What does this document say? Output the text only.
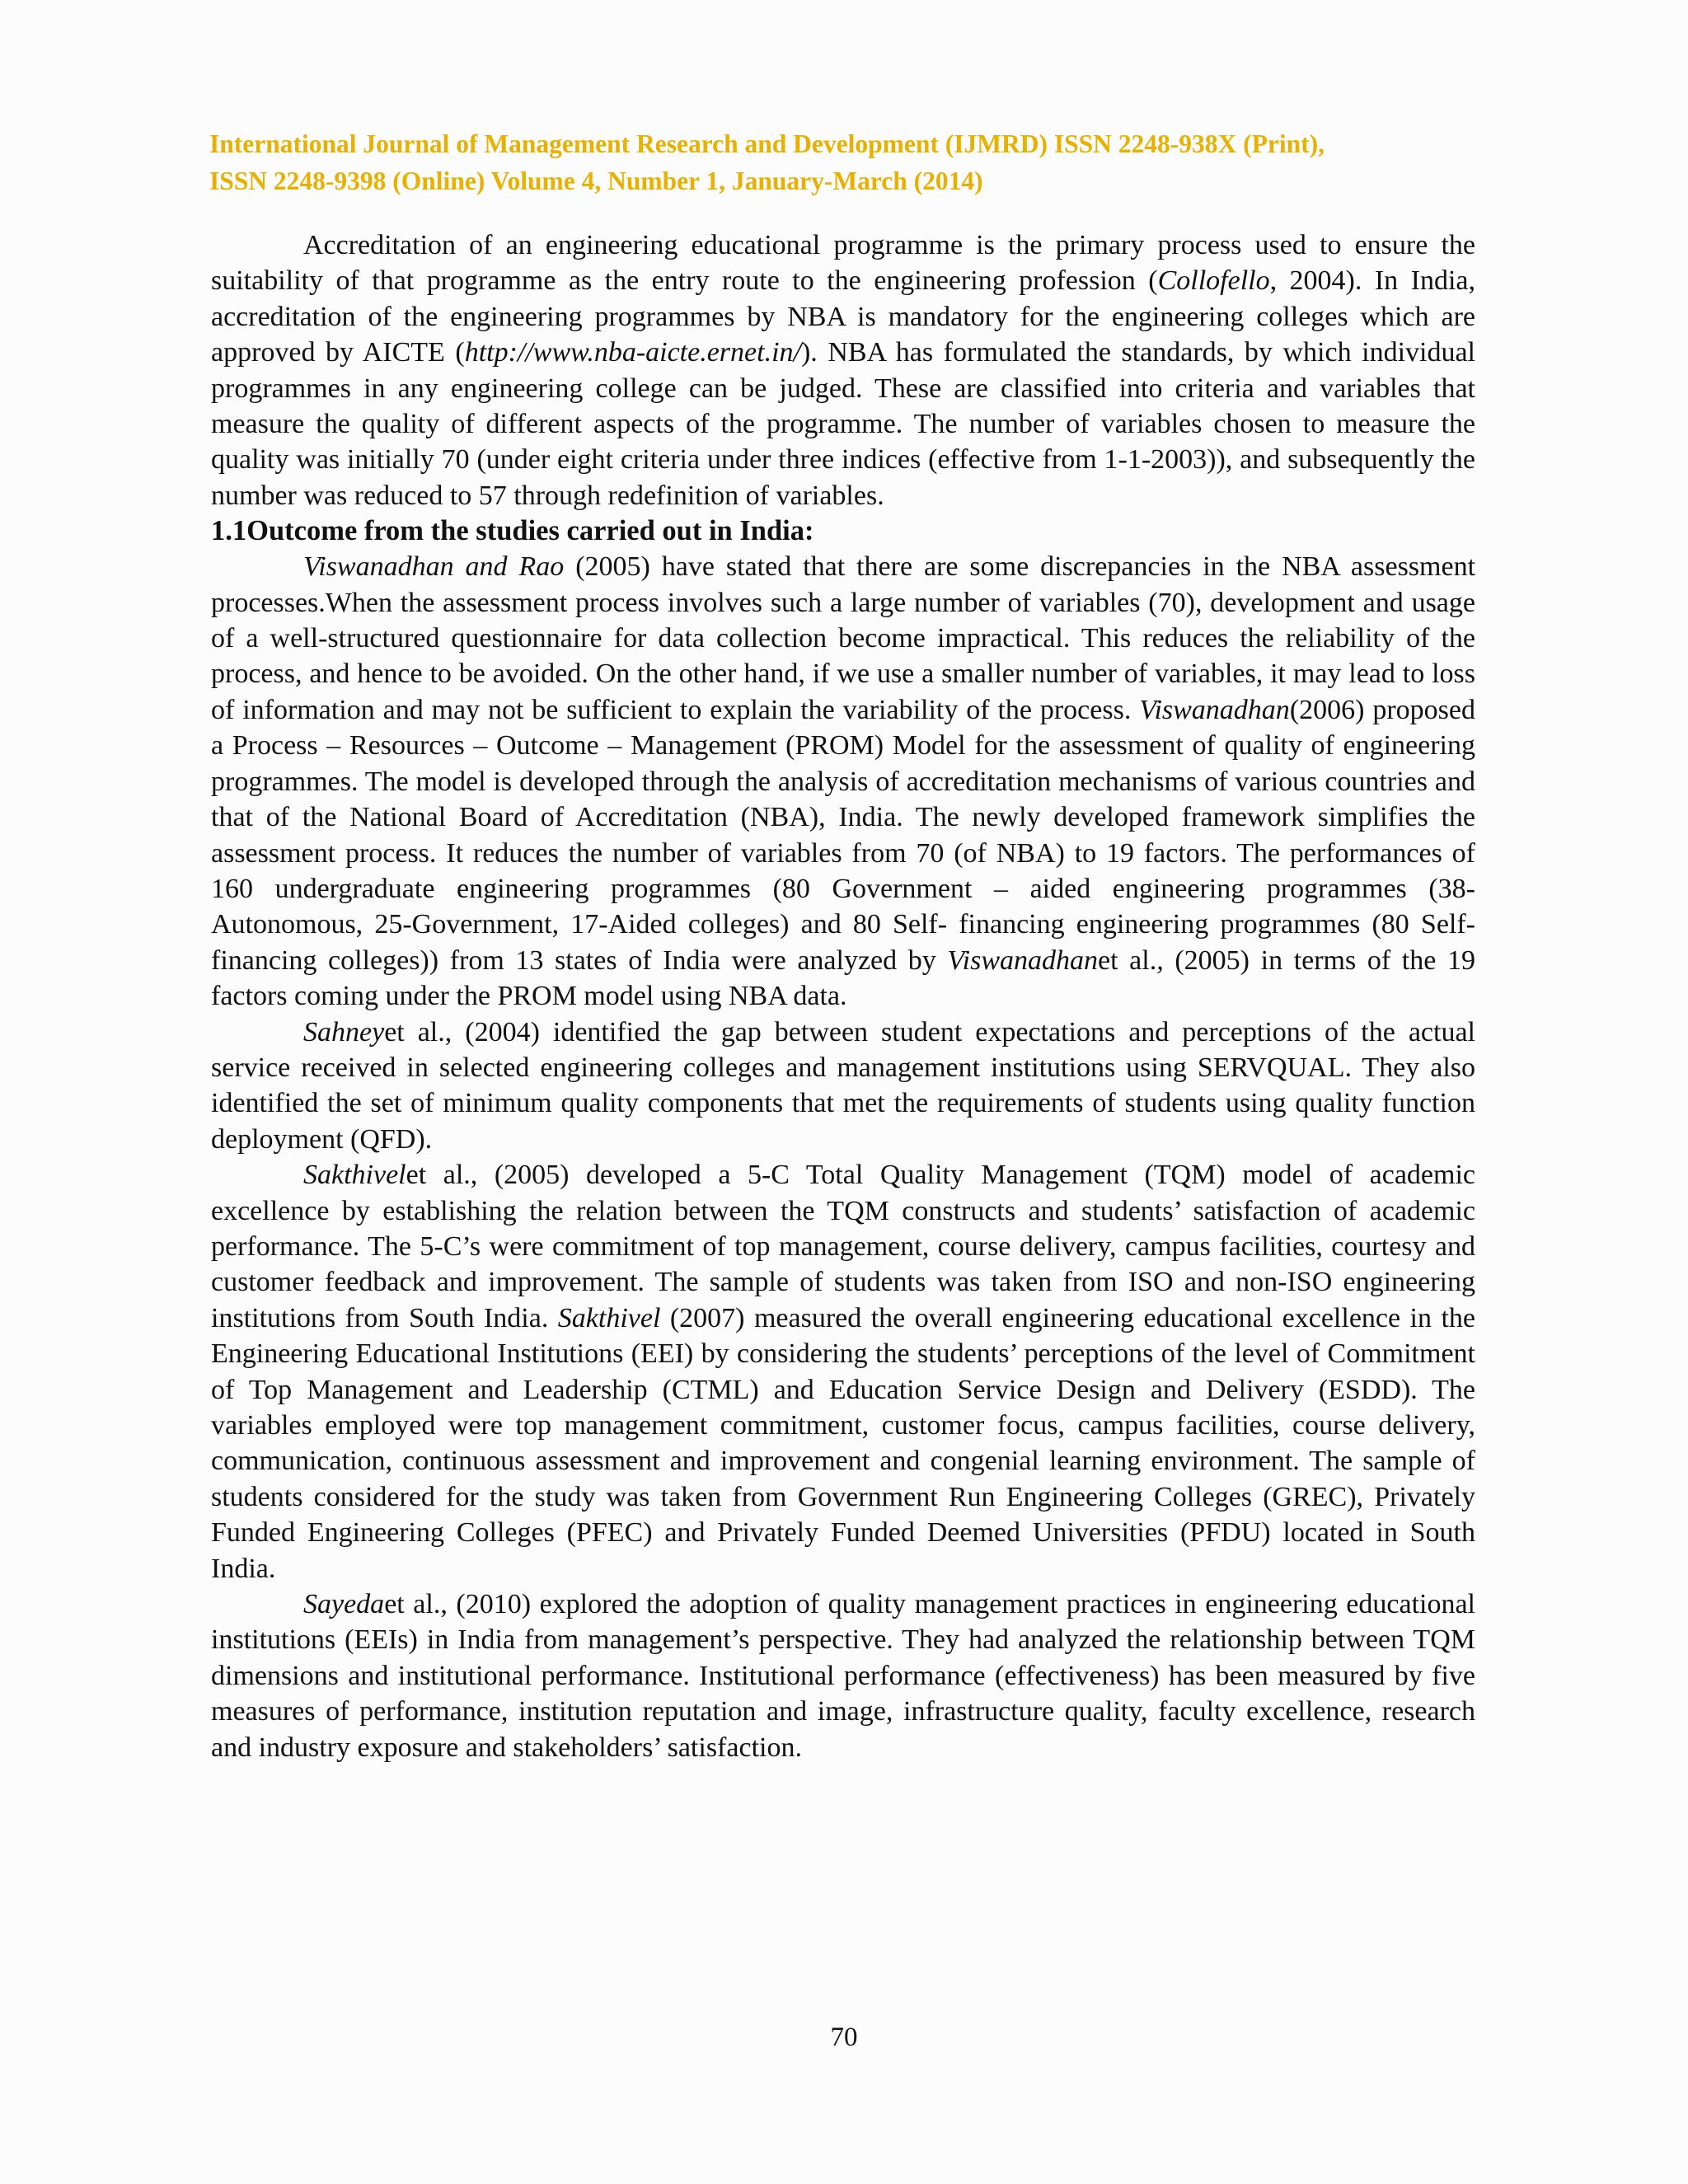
International Journal of Management Research and Development (IJMRD) ISSN 2248-938X (Print),
ISSN 2248-9398 (Online) Volume 4, Number 1, January-March (2014)

Accreditation of an engineering educational programme is the primary process used to ensure the suitability of that programme as the entry route to the engineering profession (Collofello, 2004). In India, accreditation of the engineering programmes by NBA is mandatory for the engineering colleges which are approved by AICTE (http://www.nba-aicte.ernet.in/). NBA has formulated the standards, by which individual programmes in any engineering college can be judged. These are classified into criteria and variables that measure the quality of different aspects of the programme. The number of variables chosen to measure the quality was initially 70 (under eight criteria under three indices (effective from 1-1-2003)), and subsequently the number was reduced to 57 through redefinition of variables.

1.1Outcome from the studies carried out in India:

Viswanadhan and Rao (2005) have stated that there are some discrepancies in the NBA assessment processes.When the assessment process involves such a large number of variables (70), development and usage of a well-structured questionnaire for data collection become impractical. This reduces the reliability of the process, and hence to be avoided. On the other hand, if we use a smaller number of variables, it may lead to loss of information and may not be sufficient to explain the variability of the process. Viswanadhan(2006) proposed a Process – Resources – Outcome – Management (PROM) Model for the assessment of quality of engineering programmes. The model is developed through the analysis of accreditation mechanisms of various countries and that of the National Board of Accreditation (NBA), India. The newly developed framework simplifies the assessment process. It reduces the number of variables from 70 (of NBA) to 19 factors. The performances of 160 undergraduate engineering programmes (80 Government – aided engineering programmes (38-Autonomous, 25-Government, 17-Aided colleges) and 80 Self- financing engineering programmes (80 Self-financing colleges)) from 13 states of India were analyzed by Viswanadhanet al., (2005) in terms of the 19 factors coming under the PROM model using NBA data.

Sahneyet al., (2004) identified the gap between student expectations and perceptions of the actual service received in selected engineering colleges and management institutions using SERVQUAL. They also identified the set of minimum quality components that met the requirements of students using quality function deployment (QFD).

Sakthivelet al., (2005) developed a 5-C Total Quality Management (TQM) model of academic excellence by establishing the relation between the TQM constructs and students’ satisfaction of academic performance. The 5-C’s were commitment of top management, course delivery, campus facilities, courtesy and customer feedback and improvement. The sample of students was taken from ISO and non-ISO engineering institutions from South India. Sakthivel (2007) measured the overall engineering educational excellence in the Engineering Educational Institutions (EEI) by considering the students’ perceptions of the level of Commitment of Top Management and Leadership (CTML) and Education Service Design and Delivery (ESDD). The variables employed were top management commitment, customer focus, campus facilities, course delivery, communication, continuous assessment and improvement and congenial learning environment. The sample of students considered for the study was taken from Government Run Engineering Colleges (GREC), Privately Funded Engineering Colleges (PFEC) and Privately Funded Deemed Universities (PFDU) located in South India.

Sayedaet al., (2010) explored the adoption of quality management practices in engineering educational institutions (EEIs) in India from management’s perspective. They had analyzed the relationship between TQM dimensions and institutional performance. Institutional performance (effectiveness) has been measured by five measures of performance, institution reputation and image, infrastructure quality, faculty excellence, research and industry exposure and stakeholders’ satisfaction.

70
